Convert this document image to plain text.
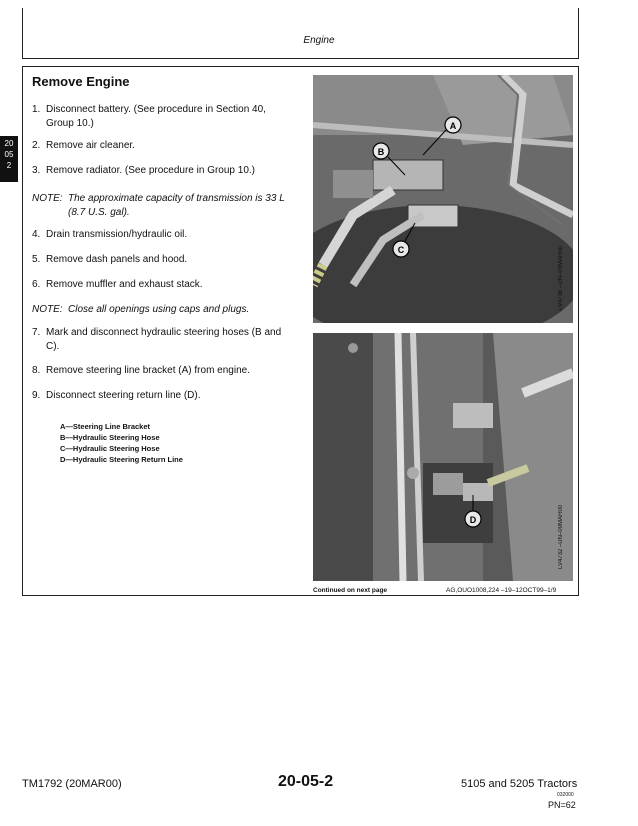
Engine
20
05
2
Remove Engine
1. Disconnect battery. (See procedure in Section 40, Group 10.)
2. Remove air cleaner.
3. Remove radiator. (See procedure in Group 10.)
NOTE: The approximate capacity of transmission is 33 L (8.7 U.S. gal).
4. Drain transmission/hydraulic oil.
5. Remove dash panels and hood.
6. Remove muffler and exhaust stack.
NOTE: Close all openings using caps and plugs.
7. Mark and disconnect hydraulic steering hoses (B and C).
8. Remove steering line bracket (A) from engine.
9. Disconnect steering return line (D).
A—Steering Line Bracket
B—Hydraulic Steering Hose
C—Hydraulic Steering Hose
D—Hydraulic Steering Return Line
A
B
C	LV4736 –UN–09MAR00
D	LV4732 –UN–09MAR00
Continued on next page	AG,OUO1008,224 –19–12OCT99–1/9
TM1792 (20MAR00)	20-05-2	5105 and 5205 Tractors
032000
PN=62
